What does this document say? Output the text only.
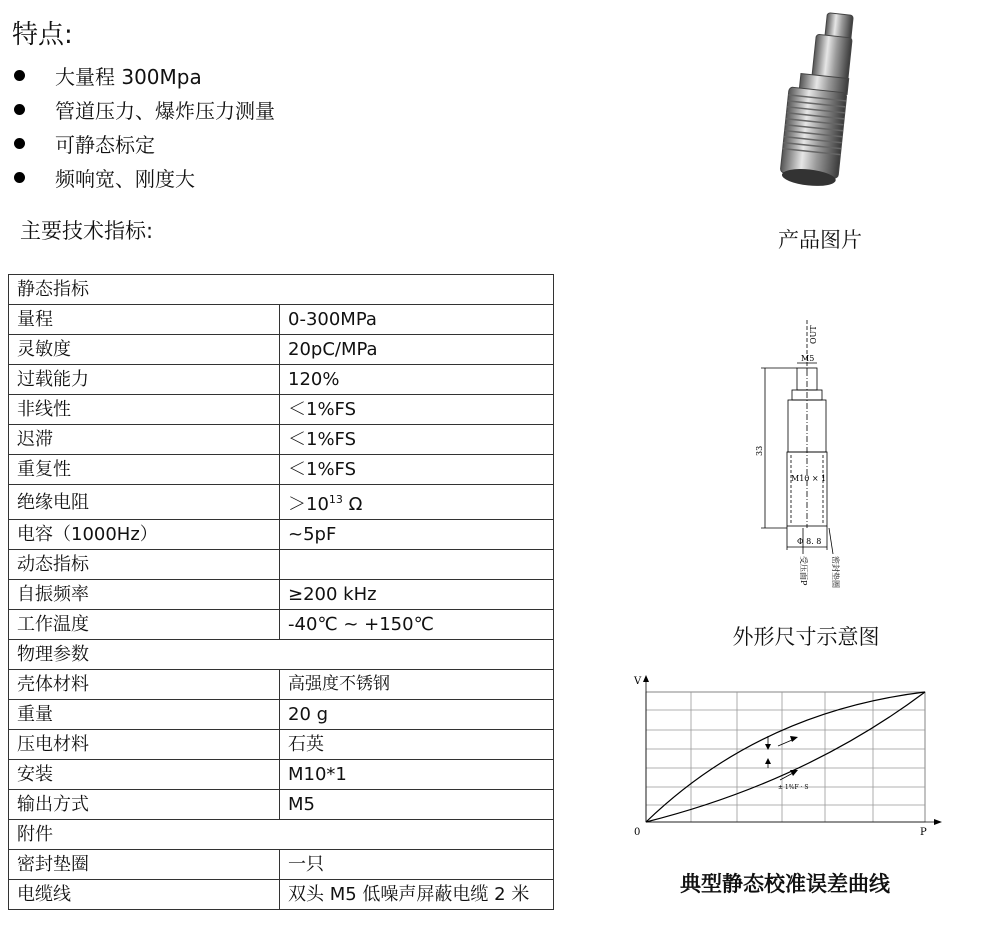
特点:
大量程 300Mpa
管道压力、爆炸压力测量
可静态标定
频响宽、刚度大
主要技术指标:
静态指标	
量程	0-300MPa
灵敏度	20pC/MPa
过载能力	120%
非线性	＜1%FS
迟滞	＜1%FS
重复性	＜1%FS
绝缘电阻	$>10^{13}$ Ω
电容（1000Hz）	~5pF
动态指标	
自振频率	≥200 kHz
工作温度	-40℃ ~ +150℃
物理参数	
壳体材料	高强度不锈钢
重量	20 g
压电材料	石英
安装	M10*1
输出方式	M5
附件	
密封垫圈	一只
电缆线	双头 M5 低噪声屏蔽电缆 2 米
产品图片
OUT
M5
M10 × 1
33
Φ 8. 8
受压面P	密封垫圈
外形尺寸示意图
V
P
0
± 1%F · S
典型静态校准误差曲线
